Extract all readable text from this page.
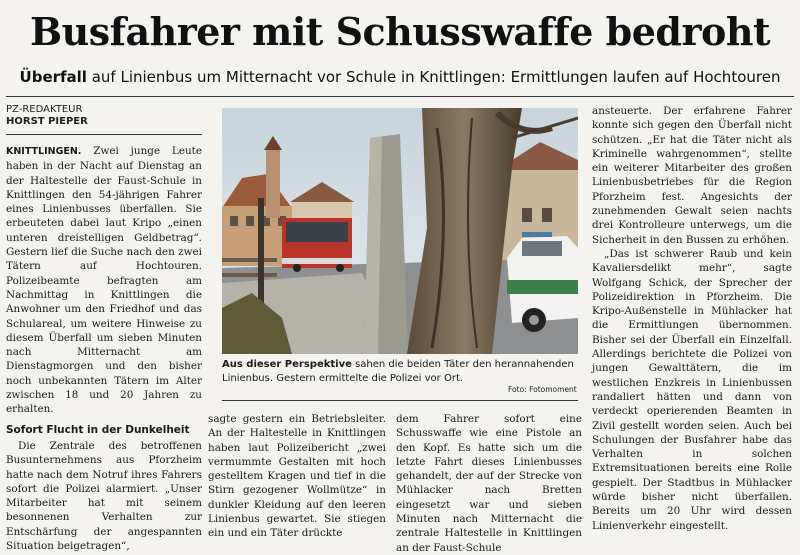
Busfahrer mit Schusswaffe bedroht
Überfall auf Linienbus um Mitternacht vor Schule in Knittlingen: Ermittlungen laufen auf Hochtouren
PZ-REDAKTEUR
HORST PIEPER

KNITTLINGEN. Zwei junge Leute haben in der Nacht auf Dienstag an der Haltestelle der Faust-Schule in Knittlingen den 54-jährigen Fahrer eines Linienbusses überfallen. Sie erbeuteten dabei laut Kripo „einen unteren dreistelligen Geldbetrag“. Gestern lief die Suche nach den zwei Tätern auf Hochtouren. Polizeibeamte befragten am Nachmittag in Knittlingen die Anwohner um den Friedhof und das Schulareal, um weitere Hinweise zu diesem Überfall um sieben Minuten nach Mitternacht am Dienstagmorgen und den bisher noch unbekannten Tätern im Alter zwischen 18 und 20 Jahren zu erhalten.

Sofort Flucht in der Dunkelheit

Die Zentrale des betroffenen Busunternehmens aus Pforzheim hatte nach dem Notruf ihres Fahrers sofort die Polizei alarmiert. „Unser Mitarbeiter hat mit seinem besonnenen Verhalten zur Entschärfung der angespannten Situation beigetragen“,

Aus dieser Perspektive sahen die beiden Täter den herannahenden Linienbus. Gestern ermittelte die Polizei vor Ort.
Foto: Fotomoment

sagte gestern ein Betriebsleiter. An der Haltestelle in Knittlingen haben laut Polizeibericht „zwei vermummte Gestalten mit hoch gestelltem Kragen und tief in die Stirn gezogener Wollmütze“ in dunkler Kleidung auf den leeren Linienbus gewartet. Sie stiegen ein und ein Täter drückte

dem Fahrer sofort eine Schusswaffe wie eine Pistole an den Kopf. Es hatte sich um die letzte Fahrt dieses Linienbusses gehandelt, der auf der Strecke von Mühlacker nach Bretten eingesetzt war und sieben Minuten nach Mitternacht die zentrale Haltestelle in Knittlingen an der Faust-Schule

ansteuerte. Der erfahrene Fahrer konnte sich gegen den Überfall nicht schützen. „Er hat die Täter nicht als Kriminelle wahrgenommen“, stellte ein weiterer Mitarbeiter des großen Linienbusbetriebes für die Region Pforzheim fest. Angesichts der zunehmenden Gewalt seien nachts drei Kontrolleure unterwegs, um die Sicherheit in den Bussen zu erhöhen.

„Das ist schwerer Raub und kein Kavaliersdelikt mehr“, sagte Wolfgang Schick, der Sprecher der Polizeidirektion in Pforzheim. Die Kripo-Außenstelle in Mühlacker hat die Ermittlungen übernommen. Bisher sei der Überfall ein Einzelfall. Allerdings berichtete die Polizei von jungen Gewalttätern, die im westlichen Enzkreis in Linienbussen randaliert hätten und dann von verdeckt operierenden Beamten in Zivil gestellt worden seien. Auch bei Schulungen der Busfahrer habe das Verhalten in solchen Extremsituationen bereits eine Rolle gespielt. Der Stadtbus in Mühlacker würde bisher nicht überfallen. Bereits um 20 Uhr wird dessen Linienverkehr eingestellt.
